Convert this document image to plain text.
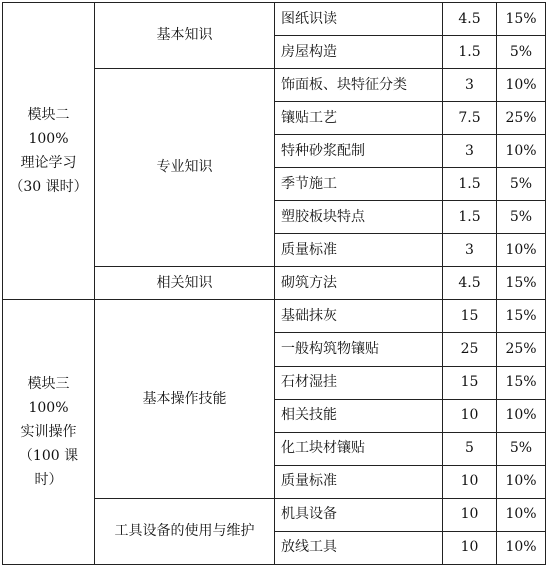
模块二 100%
理论学习
（30 课时）	基本知识	图纸识读	4.5	15%
		房屋构造	1.5	5%
	专业知识	饰面板、块特征分类	3	10%
		镶贴工艺	7.5	25%
		特种砂浆配制	3	10%
		季节施工	1.5	5%
		塑胶板块特点	1.5	5%
		质量标准	3	10%
	相关知识	砌筑方法	4.5	15%

模块三 100%
实训操作
（100 课时）	基本操作技能	基础抹灰	15	15%
		一般构筑物镶贴	25	25%
		石材湿挂	15	15%
		相关技能	10	10%
		化工块材镶贴	5	5%
		质量标准	10	10%
	工具设备的使用与维护	机具设备	10	10%
		放线工具	10	10%
